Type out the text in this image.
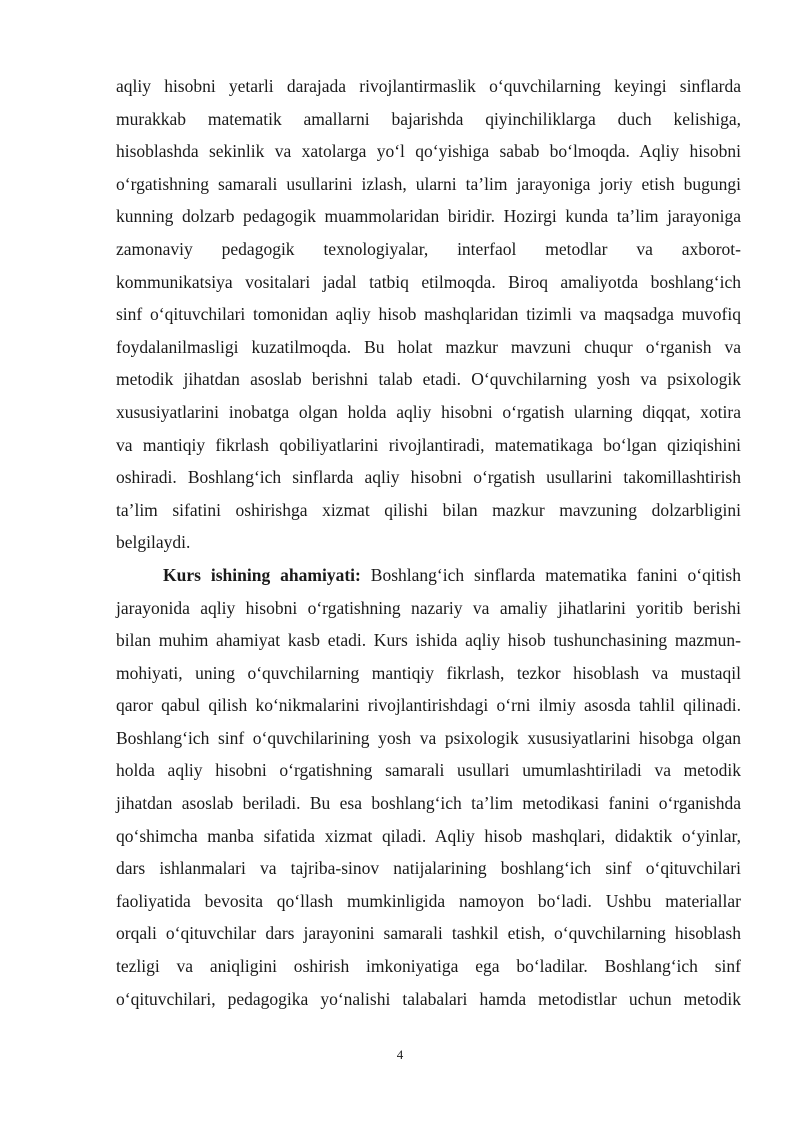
aqliy hisobni yetarli darajada rivojlantirmaslik o‘quvchilarning keyingi sinflarda
murakkab matematik amallarni bajarishda qiyinchiliklarga duch kelishiga,
hisoblashda sekinlik va xatolarga yo‘l qo‘yishiga sabab bo‘lmoqda. Aqliy hisobni
o‘rgatishning samarali usullarini izlash, ularni ta’lim jarayoniga joriy etish bugungi
kunning dolzarb pedagogik muammolaridan biridir. Hozirgi kunda ta’lim jarayoniga
zamonaviy pedagogik texnologiyalar, interfaol metodlar va axborot-
kommunikatsiya vositalari jadal tatbiq etilmoqda. Biroq amaliyotda boshlang‘ich
sinf o‘qituvchilari tomonidan aqliy hisob mashqlaridan tizimli va maqsadga muvofiq
foydalanilmasligi kuzatilmoqda. Bu holat mazkur mavzuni chuqur o‘rganish va
metodik jihatdan asoslab berishni talab etadi. O‘quvchilarning yosh va psixologik
xususiyatlarini inobatga olgan holda aqliy hisobni o‘rgatish ularning diqqat, xotira
va mantiqiy fikrlash qobiliyatlarini rivojlantiradi, matematikaga bo‘lgan qiziqishini
oshiradi. Boshlang‘ich sinflarda aqliy hisobni o‘rgatish usullarini takomillashtirish
ta’lim sifatini oshirishga xizmat qilishi bilan mazkur mavzuning dolzarbligini
belgilaydi.
Kurs ishining ahamiyati: Boshlang‘ich sinflarda matematika fanini o‘qitish
jarayonida aqliy hisobni o‘rgatishning nazariy va amaliy jihatlarini yoritib berishi
bilan muhim ahamiyat kasb etadi. Kurs ishida aqliy hisob tushunchasining mazmun-
mohiyati, uning o‘quvchilarning mantiqiy fikrlash, tezkor hisoblash va mustaqil
qaror qabul qilish ko‘nikmalarini rivojlantirishdagi o‘rni ilmiy asosda tahlil qilinadi.
Boshlang‘ich sinf o‘quvchilarining yosh va psixologik xususiyatlarini hisobga olgan
holda aqliy hisobni o‘rgatishning samarali usullari umumlashtiriladi va metodik
jihatdan asoslab beriladi. Bu esa boshlang‘ich ta’lim metodikasi fanini o‘rganishda
qo‘shimcha manba sifatida xizmat qiladi. Aqliy hisob mashqlari, didaktik o‘yinlar,
dars ishlanmalari va tajriba-sinov natijalarining boshlang‘ich sinf o‘qituvchilari
faoliyatida bevosita qo‘llash mumkinligida namoyon bo‘ladi. Ushbu materiallar
orqali o‘qituvchilar dars jarayonini samarali tashkil etish, o‘quvchilarning hisoblash
tezligi va aniqligini oshirish imkoniyatiga ega bo‘ladilar. Boshlang‘ich sinf
o‘qituvchilari, pedagogika yo‘nalishi talabalari hamda metodistlar uchun metodik
4
